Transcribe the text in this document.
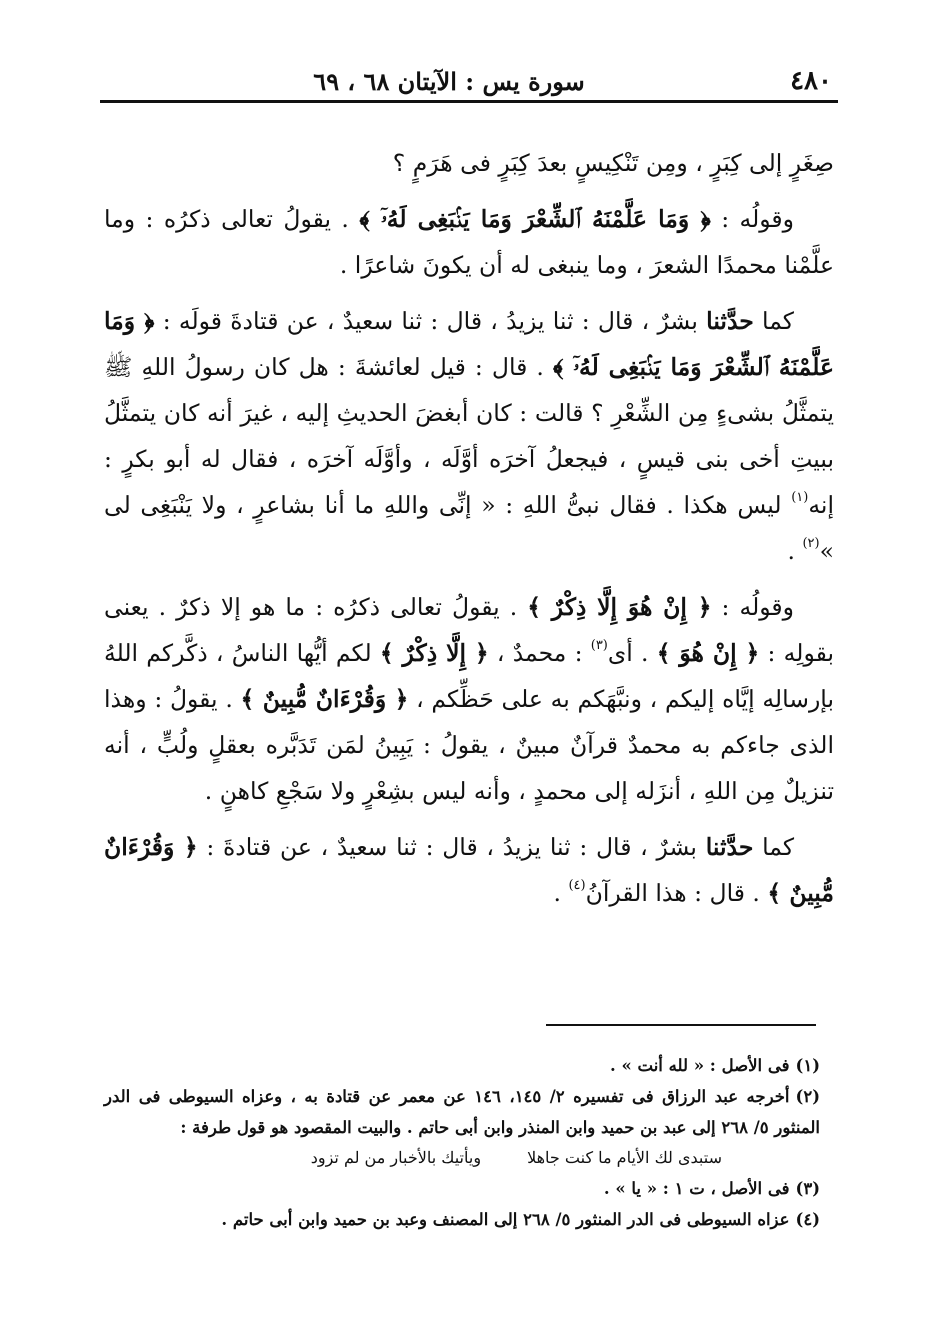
٤٨٠
سورة يس : الآيتان ٦٨ ، ٦٩

صِغَرٍ إلى كِبَرٍ ، ومِن تَنْكِيسٍ بعدَ كِبَرٍ فى هَرَمٍ ؟

وقولُه : ﴿ وَمَا عَلَّمْنَهُ ٱلشِّعْرَ وَمَا يَنۢبَغِى لَهُۥٓ ﴾ . يقولُ تعالى ذكرُه : وما علَّمْنا محمدًا الشعرَ ، وما ينبغى له أن يكونَ شاعرًا .

كما حدَّثنا بشرٌ ، قال : ثنا يزيدُ ، قال : ثنا سعيدٌ ، عن قتادةَ قولَه : ﴿ وَمَا عَلَّمْنَهُ ٱلشِّعْرَ وَمَا يَنۢبَغِى لَهُۥٓ ﴾ . قال : قيل لعائشةَ : هل كان رسولُ اللهِ ﷺ يتمثَّلُ بشىءٍ مِن الشِّعْرِ ؟ قالت : كان أبغضَ الحديثِ إليه ، غيرَ أنه كان يتمثَّلُ ببيتِ أخى بنى قيسٍ ، فيجعلُ آخرَه أوَّلَه ، وأوَّلَه آخرَه ، فقال له أبو بكرٍ : إنه$^{(١)}$ ليس هكذا . فقال نبىُّ اللهِ : « إنِّى واللهِ ما أنا بشاعرٍ ، ولا يَنْبَغِى لى »$^{(٢)}$ .

وقولُه : ﴿ إِنْ هُوَ إِلَّا ذِكْرٌ ﴾ . يقولُ تعالى ذكرُه : ما هو إلا ذكرٌ . يعنى بقولِه : ﴿ إِنْ هُوَ ﴾ . أى$^{(٣)}$ : محمدٌ ، ﴿ إِلَّا ذِكْرٌ ﴾ لكم أيُّها الناسُ ، ذكَّركم اللهُ بإرسالِه إيَّاه إليكم ، ونبَّهَكم به على حَظِّكم ، ﴿ وَقُرْءَانٌ مُّبِينٌ ﴾ . يقولُ : وهذا الذى جاءكم به محمدٌ قرآنٌ مبينٌ ، يقولُ : يَبِينُ لمَن تَدَبَّره بعقلٍ ولُبٍّ ، أنه تنزيلٌ مِن اللهِ ، أنزَله إلى محمدٍ ، وأنه ليس بشِعْرٍ ولا سَجْعِ كاهنٍ .

كما حدَّثنا بشرٌ ، قال : ثنا يزيدُ ، قال : ثنا سعيدٌ ، عن قتادةَ : ﴿ وَقُرْءَانٌ مُّبِينٌ ﴾ . قال : هذا القرآنُ$^{(٤)}$ .

(١)فى الأصل : « لله أنت » .

(٢)أخرجه عبد الرزاق فى تفسيره ٢/ ١٤٥، ١٤٦ عن معمر عن قتادة به ، وعزاه السيوطى فى الدر المنثور ٥/ ٢٦٨ إلى عبد بن حميد وابن المنذر وابن أبى حاتم . والبيت المقصود هو قول طرفة :

ستبدى لك الأيام ما كنت جاهلا
ويأتيك بالأخبار من لم تزود

(٣)فى الأصل ، ت ١ : « يا » .

(٤)عزاه السيوطى فى الدر المنثور ٥/ ٢٦٨ إلى المصنف وعبد بن حميد وابن أبى حاتم .
